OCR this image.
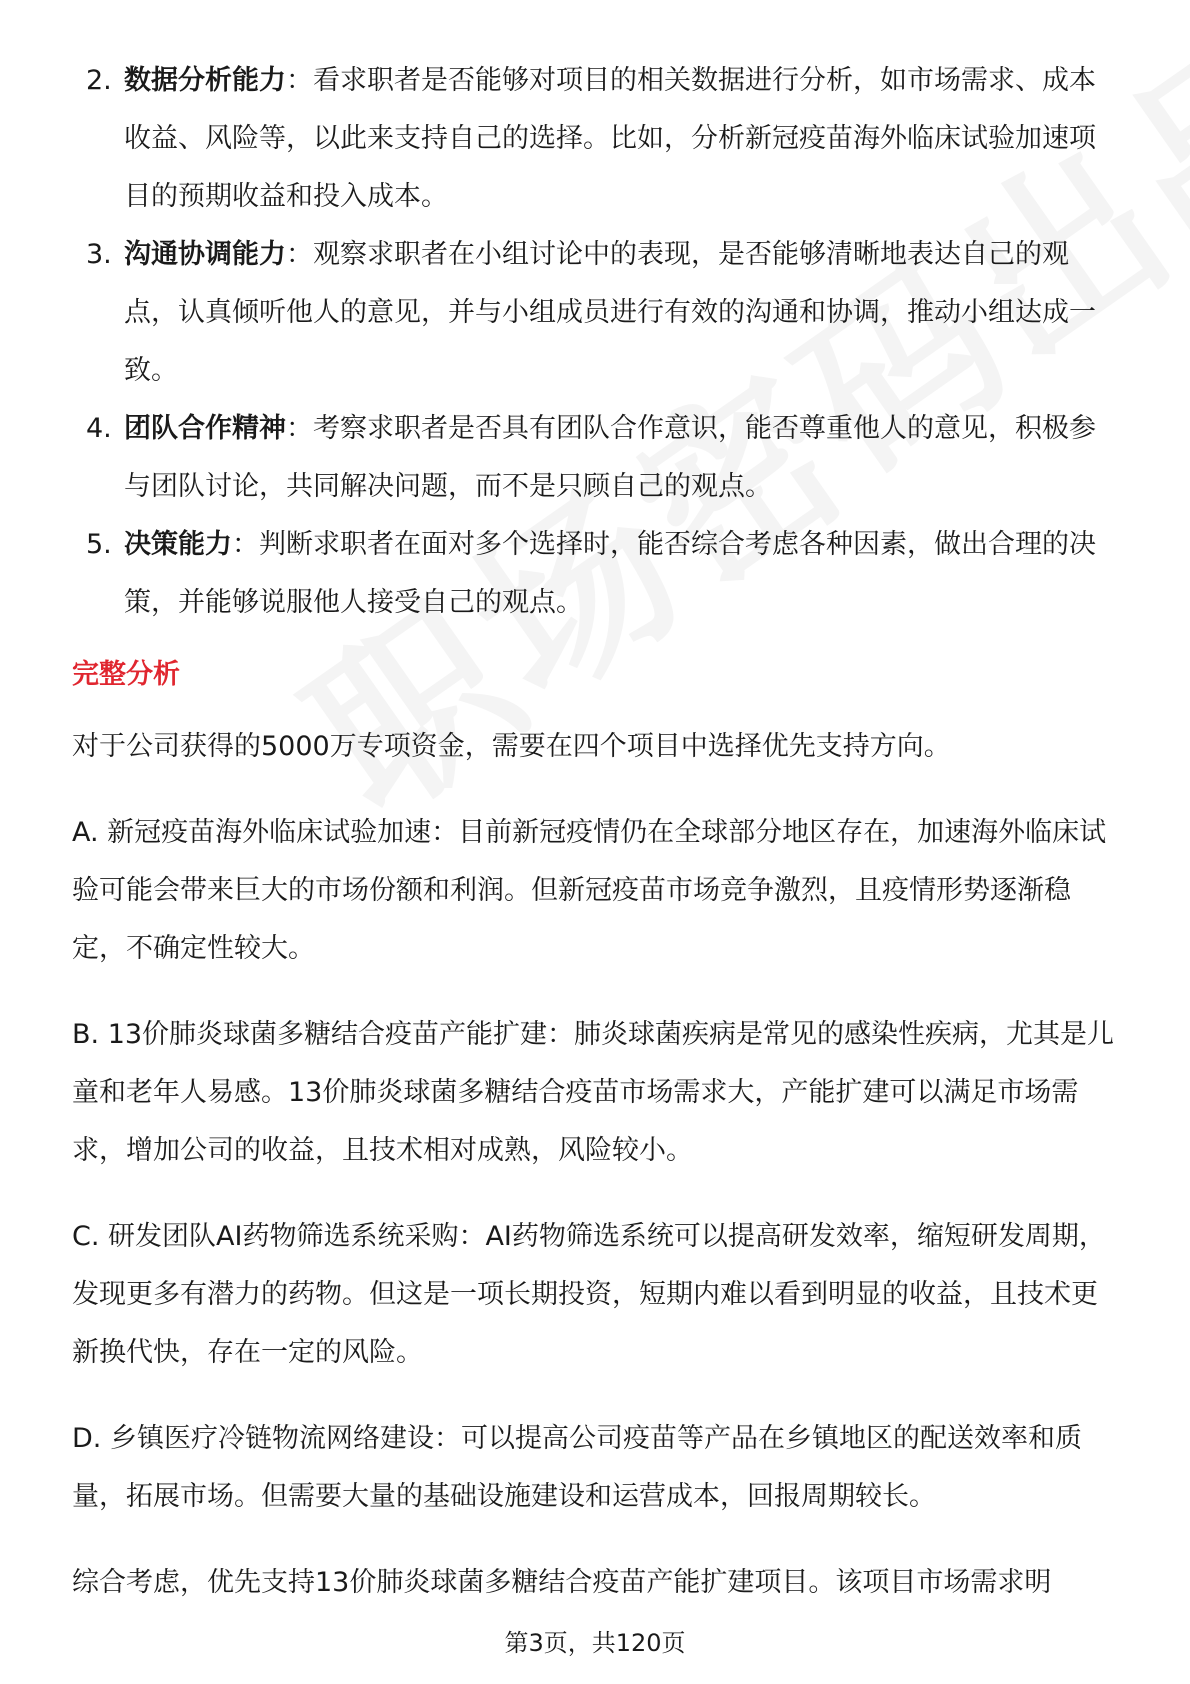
2. 数据分析能力：看求职者是否能够对项目的相关数据进行分析，如市场需求、成本收益、风险等，以此来支持自己的选择。比如，分析新冠疫苗海外临床试验加速项目的预期收益和投入成本。
3. 沟通协调能力：观察求职者在小组讨论中的表现，是否能够清晰地表达自己的观点，认真倾听他人的意见，并与小组成员进行有效的沟通和协调，推动小组达成一致。
4. 团队合作精神：考察求职者是否具有团队合作意识，能否尊重他人的意见，积极参与团队讨论，共同解决问题，而不是只顾自己的观点。
5. 决策能力：判断求职者在面对多个选择时，能否综合考虑各种因素，做出合理的决策，并能够说服他人接受自己的观点。
完整分析

对于公司获得的5000万专项资金，需要在四个项目中选择优先支持方向。

A. 新冠疫苗海外临床试验加速：目前新冠疫情仍在全球部分地区存在，加速海外临床试验可能会带来巨大的市场份额和利润。但新冠疫苗市场竞争激烈，且疫情形势逐渐稳定，不确定性较大。

B. 13价肺炎球菌多糖结合疫苗产能扩建：肺炎球菌疾病是常见的感染性疾病，尤其是儿童和老年人易感。13价肺炎球菌多糖结合疫苗市场需求大，产能扩建可以满足市场需求，增加公司的收益，且技术相对成熟，风险较小。

C. 研发团队AI药物筛选系统采购：AI药物筛选系统可以提高研发效率，缩短研发周期，发现更多有潜力的药物。但这是一项长期投资，短期内难以看到明显的收益，且技术更新换代快，存在一定的风险。

D. 乡镇医疗冷链物流网络建设：可以提高公司疫苗等产品在乡镇地区的配送效率和质量，拓展市场。但需要大量的基础设施建设和运营成本，回报周期较长。

综合考虑，优先支持13价肺炎球菌多糖结合疫苗产能扩建项目。该项目市场需求明

第3页，共120页
